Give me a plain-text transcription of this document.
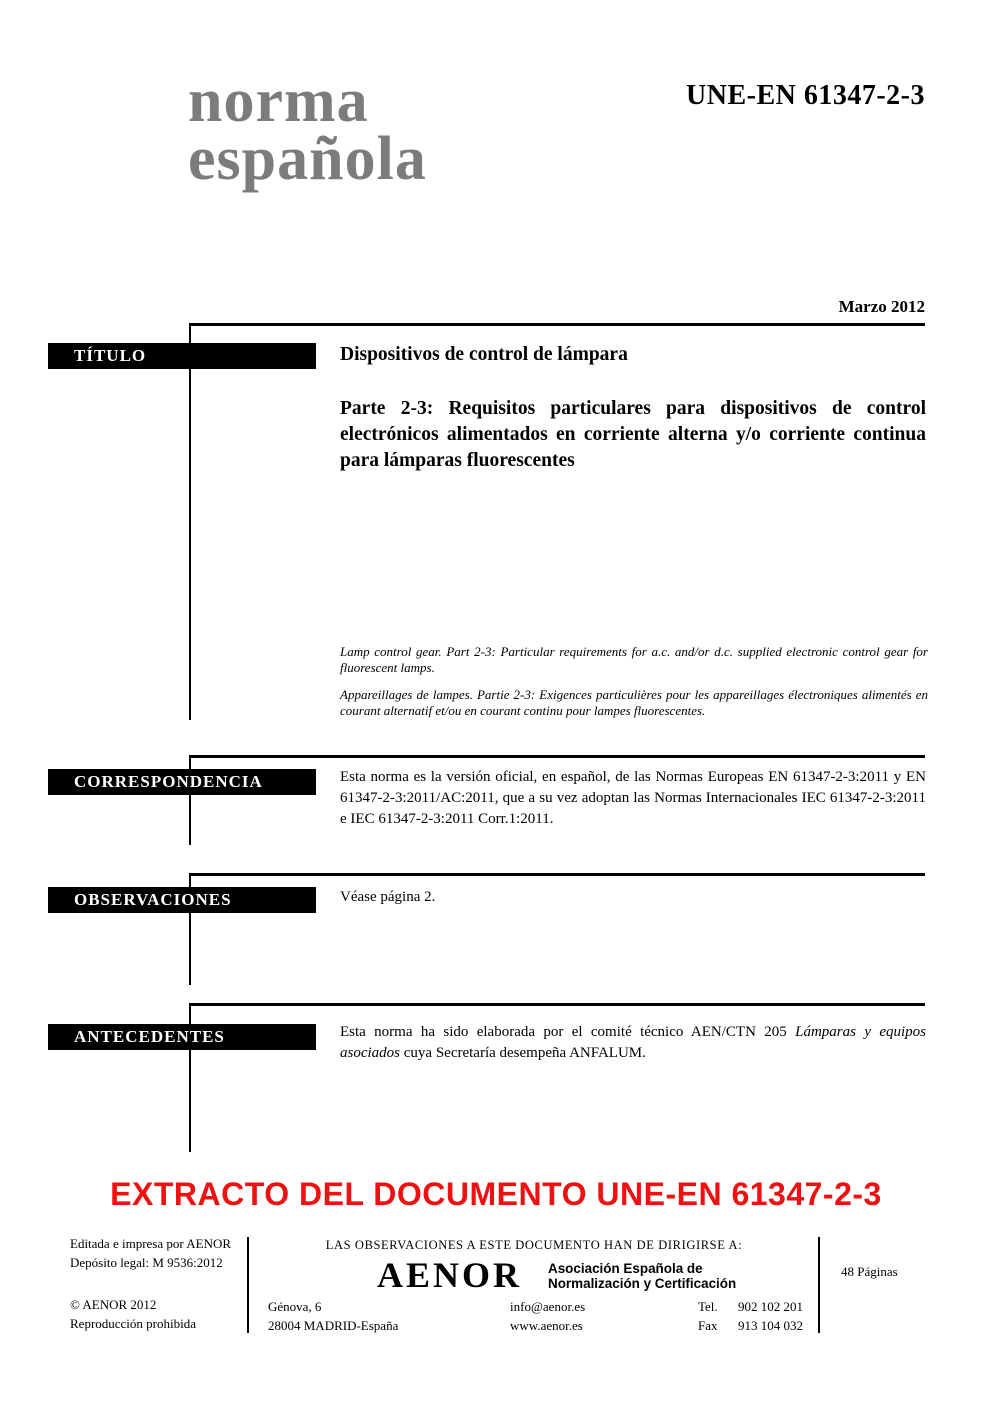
norma
española
UNE-EN 61347-2-3
Marzo 2012
TÍTULO	Dispositivos de control de lámpara
Parte 2-3: Requisitos particulares para dispositivos de control electrónicos alimentados en corriente alterna y/o corriente continua para lámparas fluorescentes
Lamp control gear. Part 2-3: Particular requirements for a.c. and/or d.c. supplied electronic control gear for fluorescent lamps.
Appareillages de lampes. Partie 2-3: Exigences particulières pour les appareillages électroniques alimentés en courant alternatif et/ou en courant continu pour lampes fluorescentes.
CORRESPONDENCIA	Esta norma es la versión oficial, en español, de las Normas Europeas EN 61347-2-3:2011 y EN 61347-2-3:2011/AC:2011, que a su vez adoptan las Normas Internacionales IEC 61347-2-3:2011 e IEC 61347-2-3:2011 Corr.1:2011.
OBSERVACIONES	Véase página 2.
ANTECEDENTES	Esta norma ha sido elaborada por el comité técnico AEN/CTN 205 Lámparas y equipos asociados cuya Secretaría desempeña ANFALUM.

EXTRACTO DEL DOCUMENTO UNE-EN 61347-2-3
Editada e impresa por AENOR
Depósito legal: M 9536:2012
© AENOR 2012
Reproducción prohibida
LAS OBSERVACIONES A ESTE DOCUMENTO HAN DE DIRIGIRSE A:
AENOR Asociación Española de
Normalización y Certificación
Génova, 6
28004 MADRID-España
info@aenor.es
www.aenor.es
Tel.	902 102 201
Fax	913 104 032
48 Páginas
